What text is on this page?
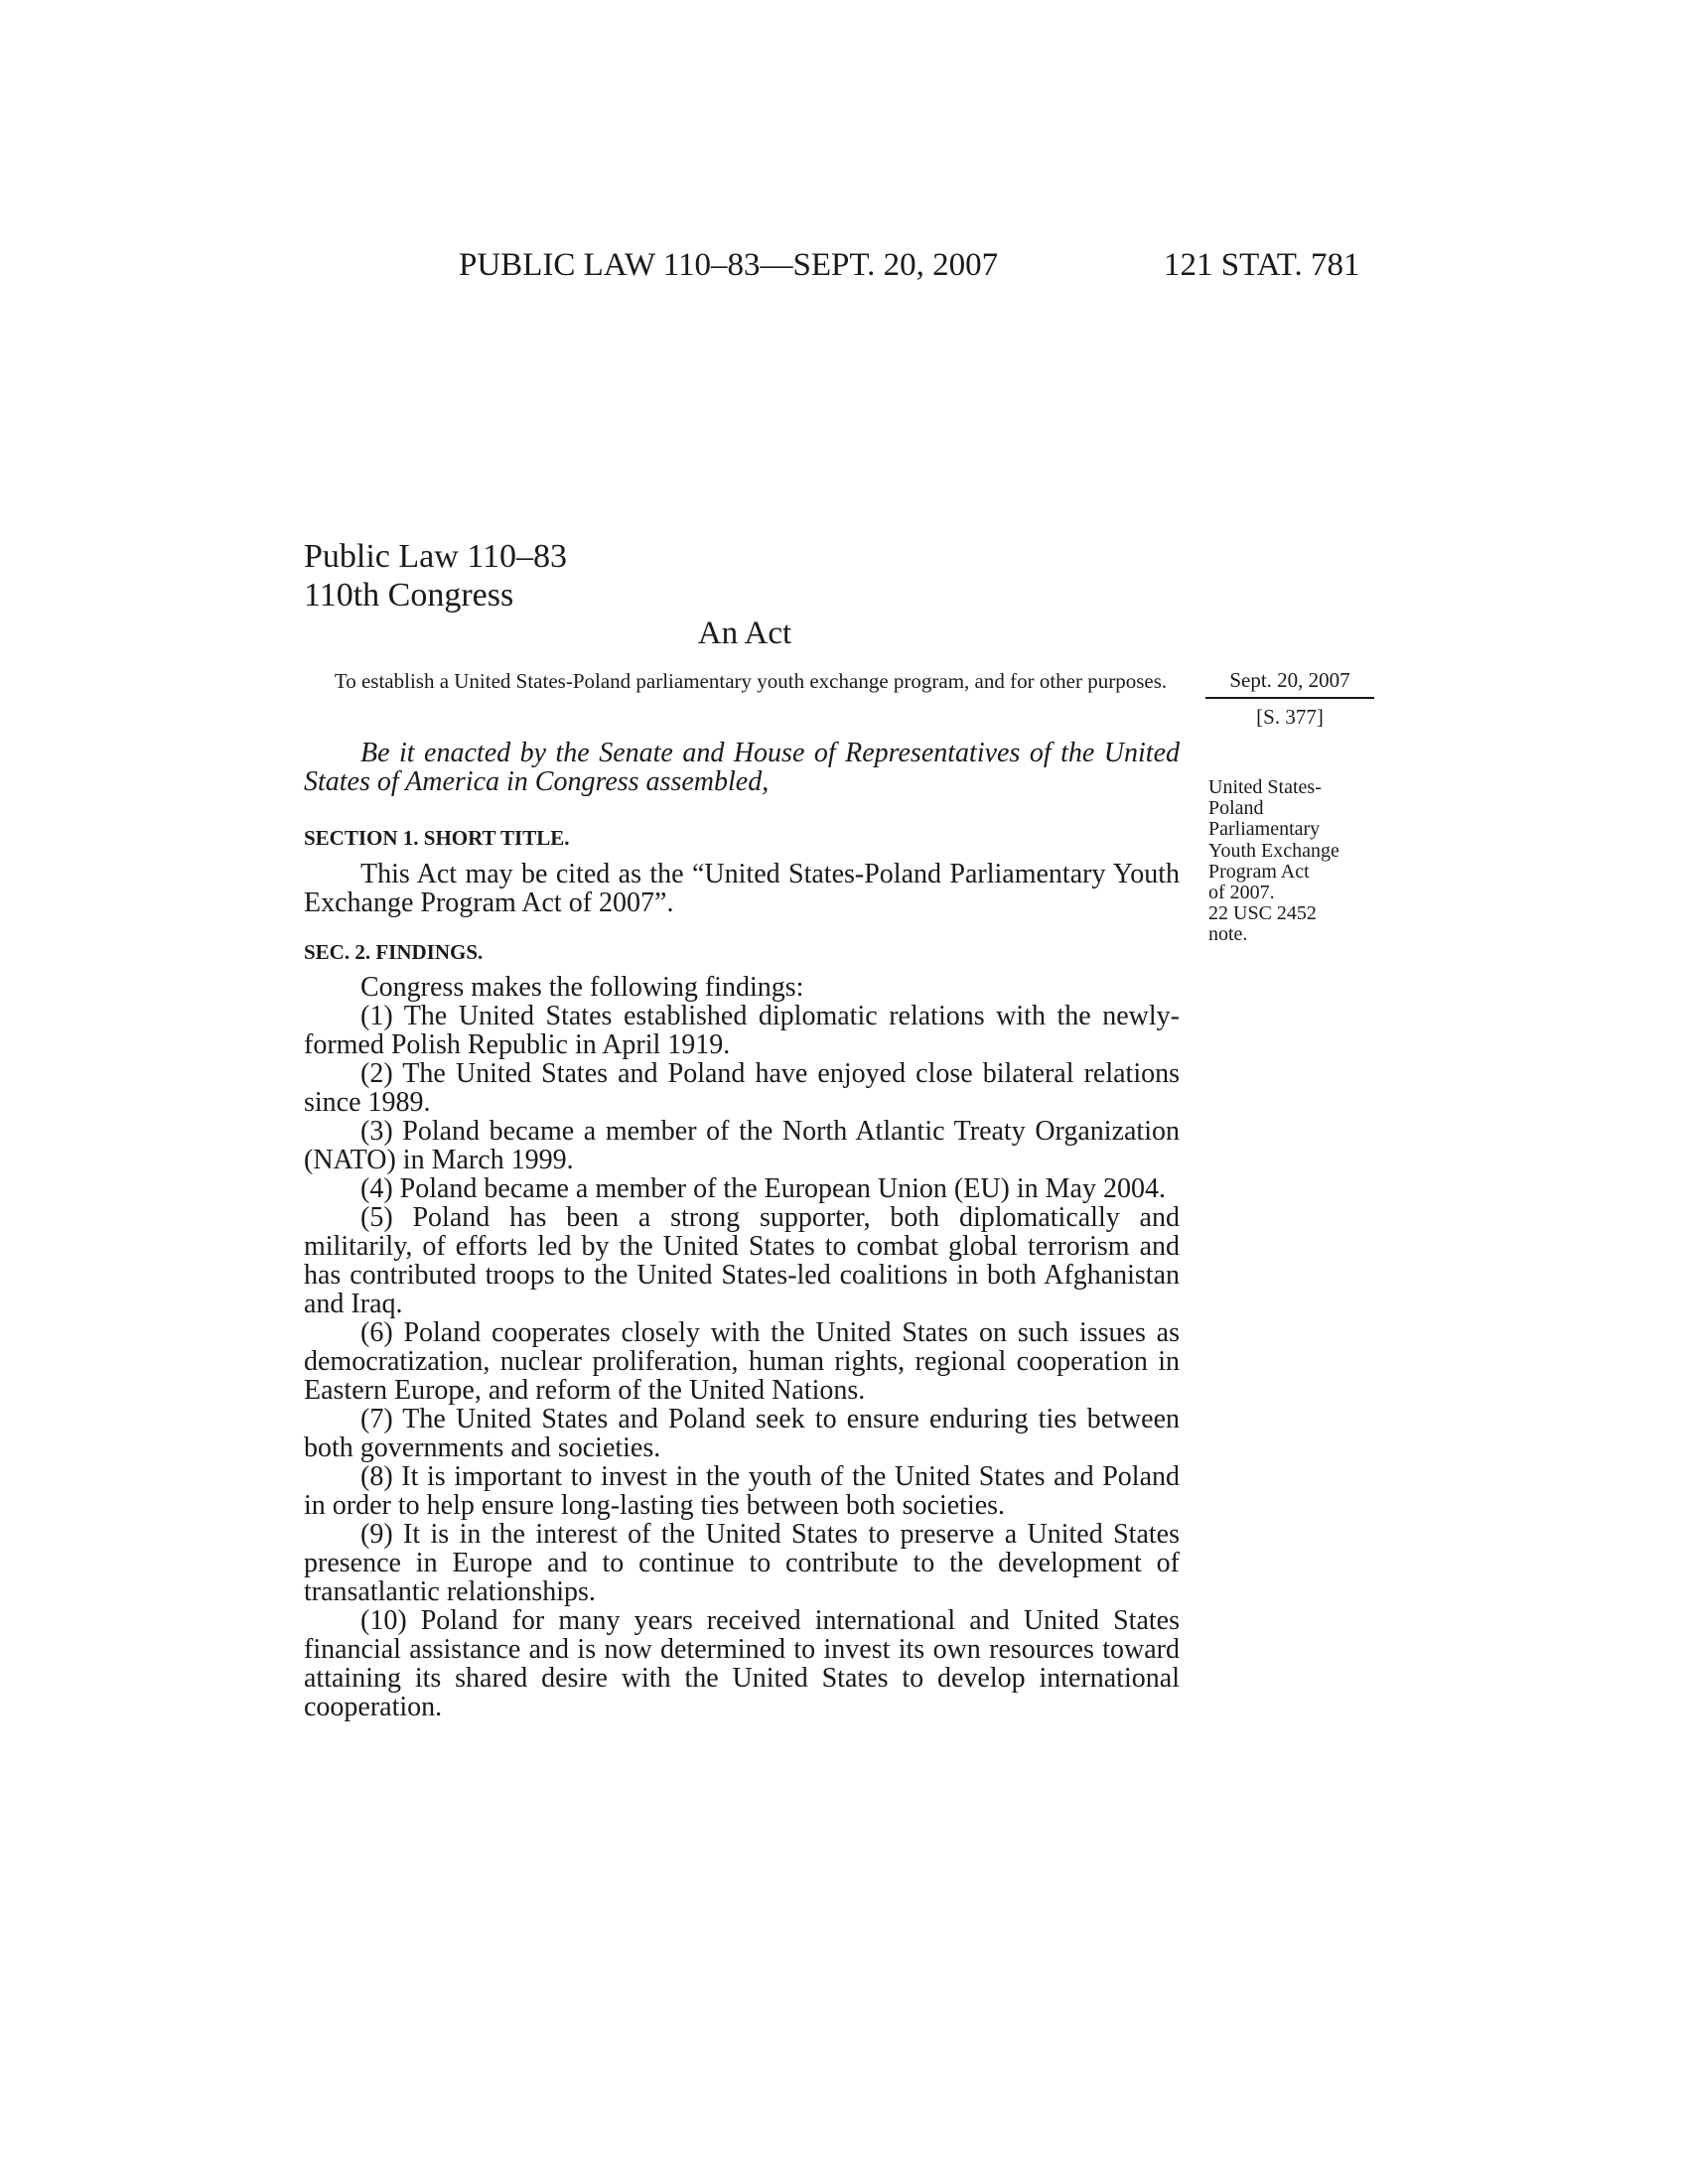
PUBLIC LAW 110–83—SEPT. 20, 2007	121 STAT. 781
Public Law 110–83
110th Congress
An Act
To establish a United States-Poland parliamentary youth exchange program, and for other purposes.	Sept. 20, 2007
[S. 377]
United States-
Poland
Parliamentary
Youth Exchange
Program Act
of 2007.
22 USC 2452
note.
Be it enacted by the Senate and House of Representatives of the United States of America in Congress assembled,
SECTION 1. SHORT TITLE.
This Act may be cited as the “United States-Poland Parliamentary Youth Exchange Program Act of 2007”.
SEC. 2. FINDINGS.

Congress makes the following findings:

(1) The United States established diplomatic relations with the newly-formed Polish Republic in April 1919.

(2) The United States and Poland have enjoyed close bilateral relations since 1989.

(3) Poland became a member of the North Atlantic Treaty Organization (NATO) in March 1999.

(4) Poland became a member of the European Union (EU) in May 2004.

(5) Poland has been a strong supporter, both diplomatically and militarily, of efforts led by the United States to combat global terrorism and has contributed troops to the United States-led coalitions in both Afghanistan and Iraq.

(6) Poland cooperates closely with the United States on such issues as democratization, nuclear proliferation, human rights, regional cooperation in Eastern Europe, and reform of the United Nations.

(7) The United States and Poland seek to ensure enduring ties between both governments and societies.

(8) It is important to invest in the youth of the United States and Poland in order to help ensure long-lasting ties between both societies.

(9) It is in the interest of the United States to preserve a United States presence in Europe and to continue to contribute to the development of transatlantic relationships.

(10) Poland for many years received international and United States financial assistance and is now determined to invest its own resources toward attaining its shared desire with the United States to develop international cooperation.
